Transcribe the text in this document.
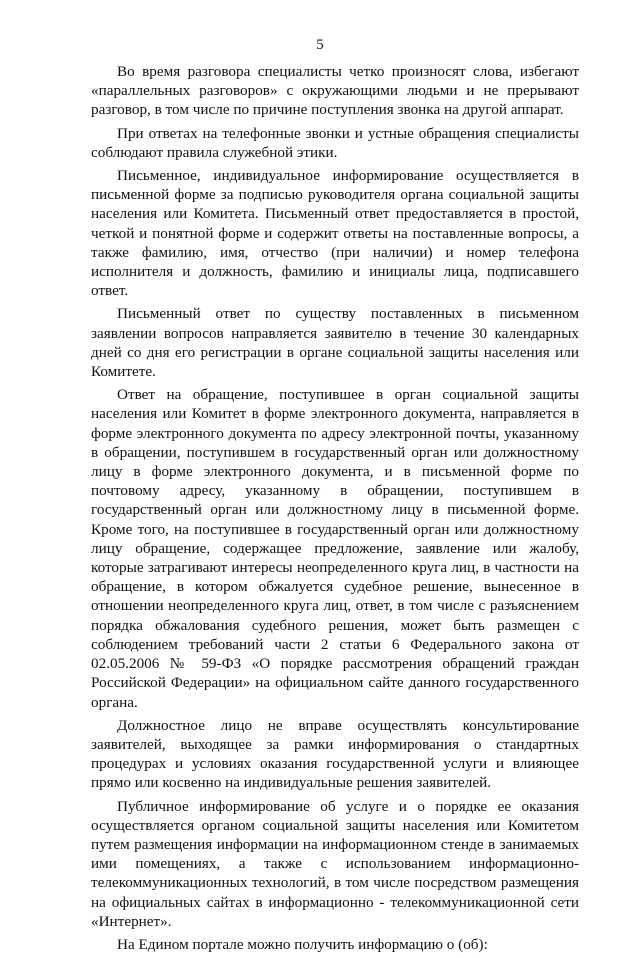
5

Во время разговора специалисты четко произносят слова, избегают «параллельных разговоров» с окружающими людьми и не прерывают разговор, в том числе по причине поступления звонка на другой аппарат.

При ответах на телефонные звонки и устные обращения специалисты соблюдают правила служебной этики.

Письменное, индивидуальное информирование осуществляется в письменной форме за подписью руководителя органа социальной защиты населения или Комитета. Письменный ответ предоставляется в простой, четкой и понятной форме и содержит ответы на поставленные вопросы, а также фамилию, имя, отчество (при наличии) и номер телефона исполнителя и должность, фамилию и инициалы лица, подписавшего ответ.

Письменный ответ по существу поставленных в письменном заявлении вопросов направляется заявителю в течение 30 календарных дней со дня его регистрации в органе социальной защиты населения или Комитете.

Ответ на обращение, поступившее в орган социальной защиты населения или Комитет в форме электронного документа, направляется в форме электронного документа по адресу электронной почты, указанному в обращении, поступившем в государственный орган или должностному лицу в форме электронного документа, и в письменной форме по почтовому адресу, указанному в обращении, поступившем в государственный орган или должностному лицу в письменной форме. Кроме того, на поступившее в государственный орган или должностному лицу обращение, содержащее предложение, заявление или жалобу, которые затрагивают интересы неопределенного круга лиц, в частности на обращение, в котором обжалуется судебное решение, вынесенное в отношении неопределенного круга лиц, ответ, в том числе с разъяснением порядка обжалования судебного решения, может быть размещен с соблюдением требований части 2 статьи 6 Федерального закона от 02.05.2006 № 59-ФЗ «О порядке рассмотрения обращений граждан Российской Федерации» на официальном сайте данного государственного органа.

Должностное лицо не вправе осуществлять консультирование заявителей, выходящее за рамки информирования о стандартных процедурах и условиях оказания государственной услуги и влияющее прямо или косвенно на индивидуальные решения заявителей.

Публичное информирование об услуге и о порядке ее оказания осуществляется органом социальной защиты населения или Комитетом путем размещения информации на информационном стенде в занимаемых ими помещениях, а также с использованием информационно-телекоммуникационных технологий, в том числе посредством размещения на официальных сайтах в информационно - телекоммуникационной сети «Интернет».

На Едином портале можно получить информацию о (об):
